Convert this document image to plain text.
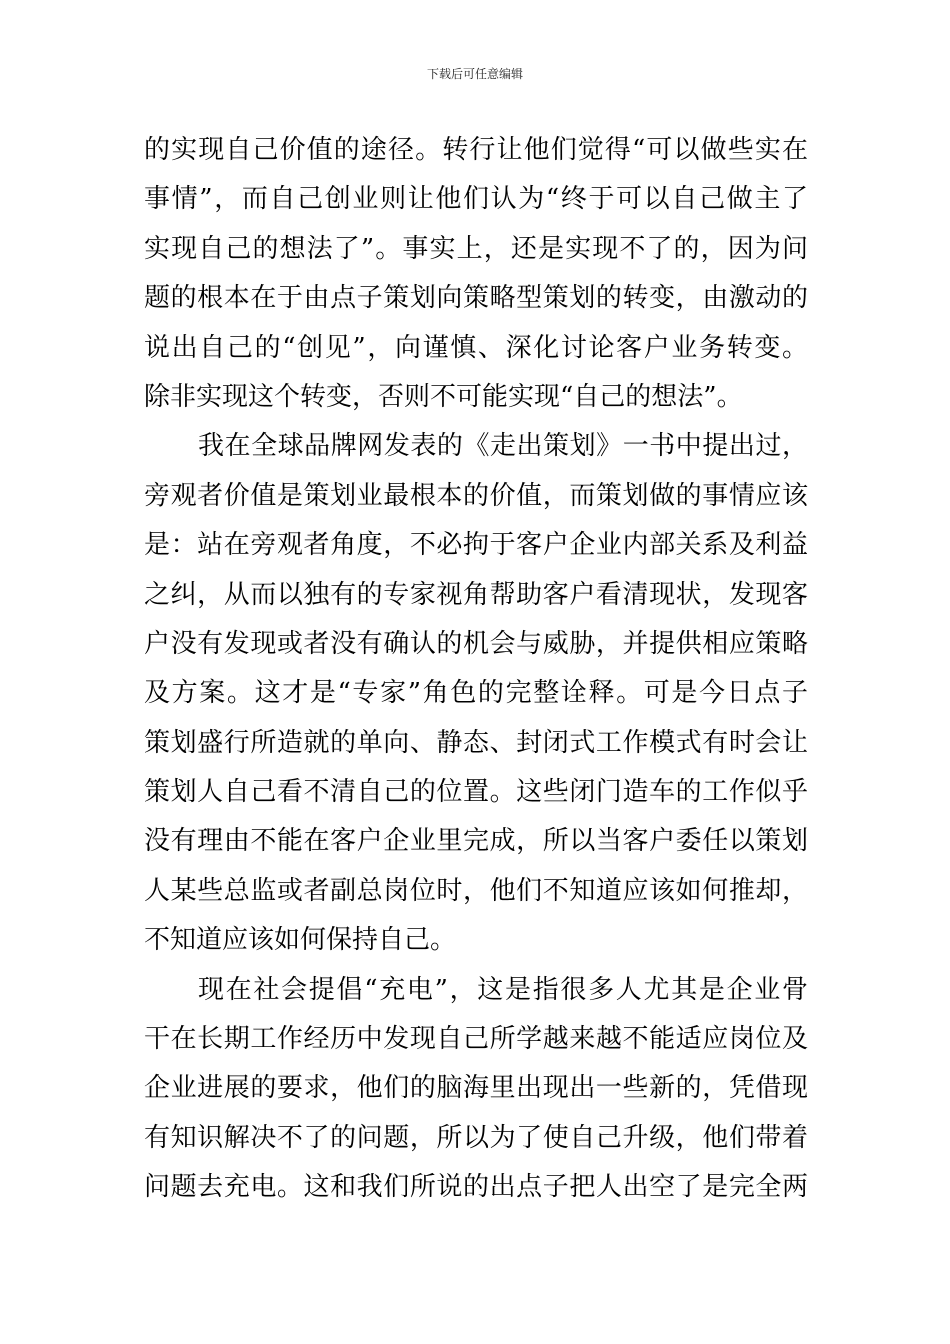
下载后可任意编辑
的实现自己价值的途径。转行让他们觉得“可以做些实在
事情”，而自己创业则让他们认为“终于可以自己做主了
实现自己的想法了”。事实上，还是实现不了的，因为问
题的根本在于由点子策划向策略型策划的转变，由激动的
说出自己的“创见”，向谨慎、深化讨论客户业务转变。
除非实现这个转变，否则不可能实现“自己的想法”。
我在全球品牌网发表的《走出策划》一书中提出过，
旁观者价值是策划业最根本的价值，而策划做的事情应该
是：站在旁观者角度，不必拘于客户企业内部关系及利益
之纠，从而以独有的专家视角帮助客户看清现状，发现客
户没有发现或者没有确认的机会与威胁，并提供相应策略
及方案。这才是“专家”角色的完整诠释。可是今日点子
策划盛行所造就的单向、静态、封闭式工作模式有时会让
策划人自己看不清自己的位置。这些闭门造车的工作似乎
没有理由不能在客户企业里完成，所以当客户委任以策划
人某些总监或者副总岗位时，他们不知道应该如何推却，
不知道应该如何保持自己。
现在社会提倡“充电”，这是指很多人尤其是企业骨
干在长期工作经历中发现自己所学越来越不能适应岗位及
企业进展的要求，他们的脑海里出现出一些新的，凭借现
有知识解决不了的问题，所以为了使自己升级，他们带着
问题去充电。这和我们所说的出点子把人出空了是完全两
